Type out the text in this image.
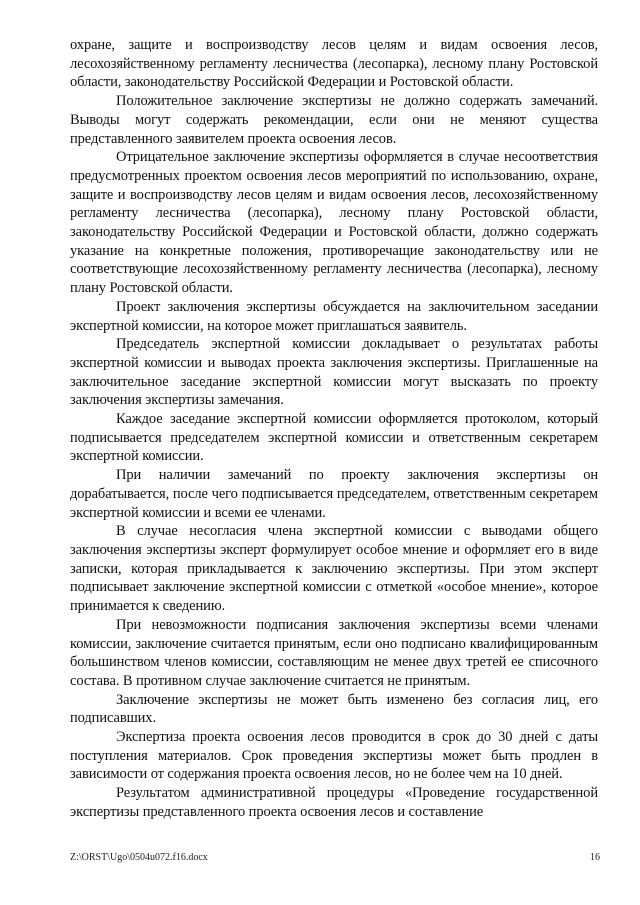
охране, защите и воспроизводству лесов целям и видам освоения лесов, лесохозяйственному регламенту лесничества (лесопарка), лесному плану Ростовской области, законодательству Российской Федерации и Ростовской области.

Положительное заключение экспертизы не должно содержать замечаний. Выводы могут содержать рекомендации, если они не меняют существа представленного заявителем проекта освоения лесов.

Отрицательное заключение экспертизы оформляется в случае несоответствия предусмотренных проектом освоения лесов мероприятий по использованию, охране, защите и воспроизводству лесов целям и видам освоения лесов, лесохозяйственному регламенту лесничества (лесопарка), лесному плану Ростовской области, законодательству Российской Федерации и Ростовской области, должно содержать указание на конкретные положения, противоречащие законодательству или не соответствующие лесохозяйственному регламенту лесничества (лесопарка), лесному плану Ростовской области.

Проект заключения экспертизы обсуждается на заключительном заседании экспертной комиссии, на которое может приглашаться заявитель.

Председатель экспертной комиссии докладывает о результатах работы экспертной комиссии и выводах проекта заключения экспертизы. Приглашенные на заключительное заседание экспертной комиссии могут высказать по проекту заключения экспертизы замечания.

Каждое заседание экспертной комиссии оформляется протоколом, который подписывается председателем экспертной комиссии и ответственным секретарем экспертной комиссии.

При наличии замечаний по проекту заключения экспертизы он дорабатывается, после чего подписывается председателем, ответственным секретарем экспертной комиссии и всеми ее членами.

В случае несогласия члена экспертной комиссии с выводами общего заключения экспертизы эксперт формулирует особое мнение и оформляет его в виде записки, которая прикладывается к заключению экспертизы. При этом эксперт подписывает заключение экспертной комиссии с отметкой «особое мнение», которое принимается к сведению.

При невозможности подписания заключения экспертизы всеми членами комиссии, заключение считается принятым, если оно подписано квалифицированным большинством членов комиссии, составляющим не менее двух третей ее списочного состава. В противном случае заключение считается не принятым.

Заключение экспертизы не может быть изменено без согласия лиц, его подписавших.

Экспертиза проекта освоения лесов проводится в срок до 30 дней с даты поступления материалов. Срок проведения экспертизы может быть продлен в зависимости от содержания проекта освоения лесов, но не более чем на 10 дней.

Результатом административной процедуры «Проведение государственной экспертизы представленного проекта освоения лесов и составление

Z:\ORST\Ugo\0504u072.f16.docx	16
